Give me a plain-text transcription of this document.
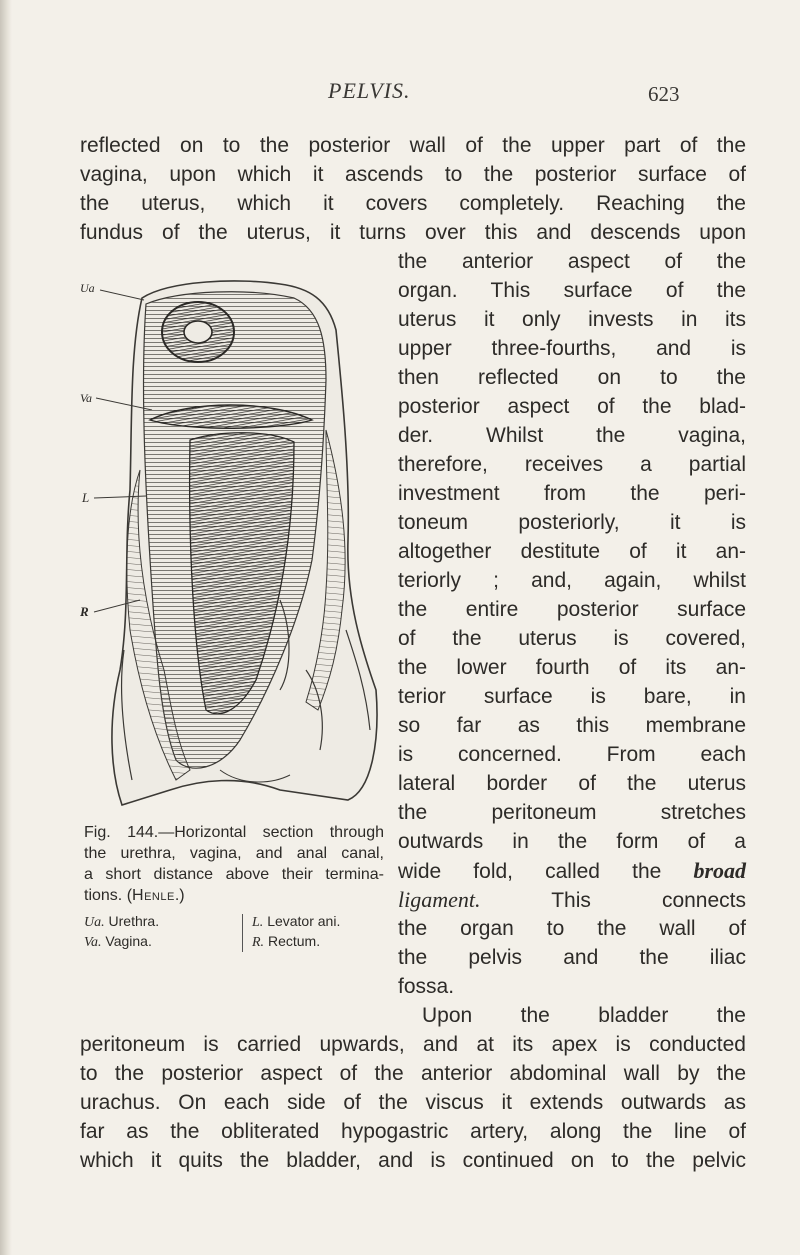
PELVIS.	623
reflected on to the posterior wall of the upper part of the
vagina, upon which it ascends to the posterior surface of
the uterus, which it covers completely. Reaching the
fundus of the uterus, it turns over this and descends upon
the anterior aspect of the
organ. This surface of the
uterus it only invests in its
upper three-fourths, and is
then reflected on to the
posterior aspect of the blad-
der. Whilst the vagina,
therefore, receives a partial
investment from the peri-
toneum posteriorly, it is
altogether destitute of it an-
teriorly ; and, again, whilst
the entire posterior surface
of the uterus is covered,
the lower fourth of its an-
terior surface is bare, in
so far as this membrane
is concerned. From each
lateral border of the uterus
the peritoneum stretches
outwards in the form of a
wide fold, called the broad
ligament.	This connects
the organ to the wall of
the pelvis and the iliac
fossa.
Upon the bladder the
peritoneum is carried upwards, and at its apex is conducted
to the posterior aspect of the anterior abdominal wall by the
urachus. On each side of the viscus it extends outwards as
far as the obliterated hypogastric artery, along the line of
which it quits the bladder, and is continued on to the pelvic
Ua
Va
L
R
Fig. 144.—Horizontal section through
the urethra, vagina, and anal canal,
a short distance above their termina-
tions. (Henle.)
Ua. Urethra.
Va. Vagina.
L. Levator ani.
R. Rectum.
